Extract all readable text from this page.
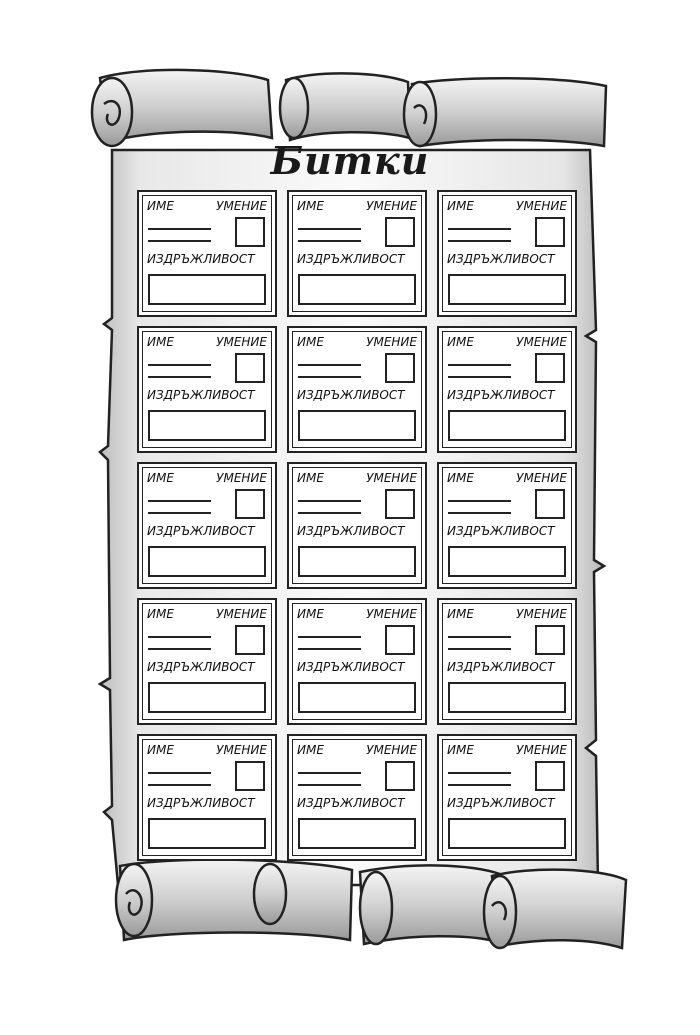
Битки
ИМЕ	УМЕНИЕ
ИЗДРЪЖЛИВОСТ
ИМЕ	УМЕНИЕ
ИЗДРЪЖЛИВОСТ
ИМЕ	УМЕНИЕ
ИЗДРЪЖЛИВОСТ
ИМЕ	УМЕНИЕ
ИЗДРЪЖЛИВОСТ
ИМЕ	УМЕНИЕ
ИЗДРЪЖЛИВОСТ
ИМЕ	УМЕНИЕ
ИЗДРЪЖЛИВОСТ
ИМЕ	УМЕНИЕ
ИЗДРЪЖЛИВОСТ
ИМЕ	УМЕНИЕ
ИЗДРЪЖЛИВОСТ
ИМЕ	УМЕНИЕ
ИЗДРЪЖЛИВОСТ
ИМЕ	УМЕНИЕ
ИЗДРЪЖЛИВОСТ
ИМЕ	УМЕНИЕ
ИЗДРЪЖЛИВОСТ
ИМЕ	УМЕНИЕ
ИЗДРЪЖЛИВОСТ
ИМЕ	УМЕНИЕ
ИЗДРЪЖЛИВОСТ
ИМЕ	УМЕНИЕ
ИЗДРЪЖЛИВОСТ
ИМЕ	УМЕНИЕ
ИЗДРЪЖЛИВОСТ
